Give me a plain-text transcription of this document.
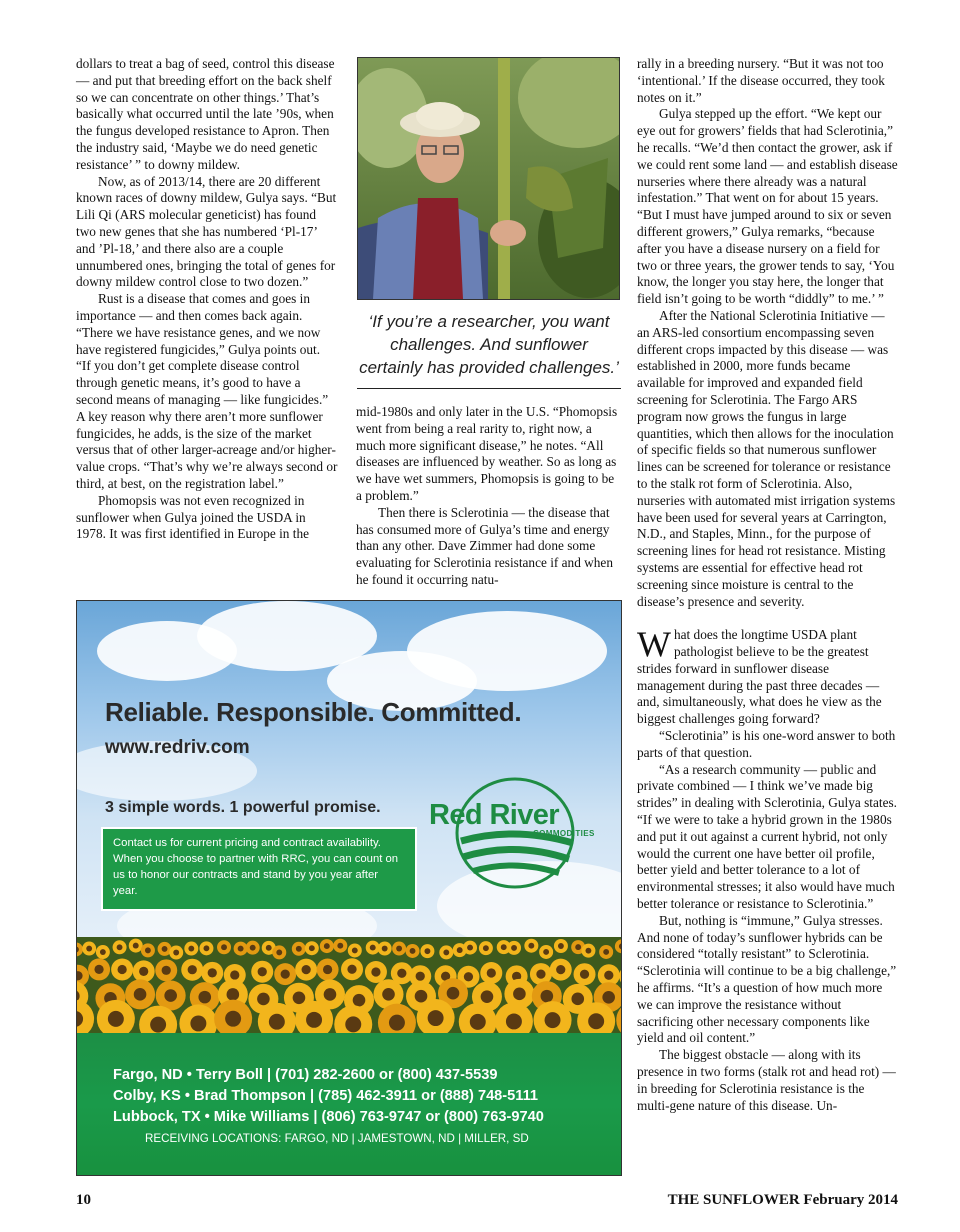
dollars to treat a bag of seed, control this disease — and put that breeding effort on the back shelf so we can concentrate on other things.’ That’s basically what occurred until the late ’90s, when the fungus developed resistance to Apron. Then the industry said, ‘Maybe we do need genetic resistance’ ” to downy mildew.

Now, as of 2013/14, there are 20 different known races of downy mildew, Gulya says. “But Lili Qi (ARS molecular geneticist) has found two new genes that she has numbered ‘Pl-17’ and ’Pl-18,’ and there also are a couple unnumbered ones, bringing the total of genes for downy mildew control close to two dozen.”

Rust is a disease that comes and goes in importance — and then comes back again. “There we have resistance genes, and we now have registered fungicides,” Gulya points out. “If you don’t get complete disease control through genetic means, it’s good to have a second means of managing — like fungicides.” A key reason why there aren’t more sunflower fungicides, he adds, is the size of the market versus that of other larger-acreage and/or higher-value crops. “That’s why we’re always second or third, at best, on the registration label.”

Phomopsis was not even recognized in sunflower when Gulya joined the USDA in 1978. It was first identified in Europe in the

‘If you’re a researcher, you want challenges. And sunflower certainly has provided challenges.’

mid-1980s and only later in the U.S. “Phomopsis went from being a real rarity to, right now, a much more significant disease,” he notes. “All diseases are influenced by weather. So as long as we have wet summers, Phomopsis is going to be a problem.”

Then there is Sclerotinia — the disease that has consumed more of Gulya’s time and energy than any other. Dave Zimmer had done some evaluating for Sclerotinia resistance if and when he found it occurring natu-

rally in a breeding nursery. “But it was not too ‘intentional.’ If the disease occurred, they took notes on it.”

Gulya stepped up the effort. “We kept our eye out for growers’ fields that had Sclerotinia,” he recalls. “We’d then contact the grower, ask if we could rent some land — and establish disease nurseries where there already was a natural infestation.” That went on for about 15 years. “But I must have jumped around to six or seven different growers,” Gulya remarks, “because after you have a disease nursery on a field for two or three years, the grower tends to say, ‘You know, the longer you stay here, the longer that field isn’t going to be worth “diddly” to me.’ ”

After the National Sclerotinia Initiative — an ARS-led consortium encompassing seven different crops impacted by this disease — was established in 2000, more funds became available for improved and expanded field screening for Sclerotinia. The Fargo ARS program now grows the fungus in large quantities, which then allows for the inoculation of specific fields so that numerous sunflower lines can be screened for tolerance or resistance to the stalk rot form of Sclerotinia. Also, nurseries with automated mist irrigation systems have been used for several years at Carrington, N.D., and Staples, Minn., for the purpose of screening lines for head rot resistance. Misting systems are essential for effective head rot screening since moisture is central to the disease’s presence and severity.

What does the longtime USDA plant pathologist believe to be the greatest strides forward in sunflower disease management during the past three decades — and, simultaneously, what does he view as the biggest challenges going forward?

“Sclerotinia” is his one-word answer to both parts of that question.

“As a research community — public and private combined — I think we’ve made big strides” in dealing with Sclerotinia, Gulya states. “If we were to take a hybrid grown in the 1980s and put it out against a current hybrid, not only would the current one have better oil profile, better yield and better tolerance to a lot of environmental stresses; it also would have much better tolerance or resistance to Sclerotinia.”

But, nothing is “immune,” Gulya stresses. And none of today’s sunflower hybrids can be considered “totally resistant” to Sclerotinia. “Sclerotinia will continue to be a big challenge,” he affirms. “It’s a question of how much more we can improve the resistance without sacrificing other necessary components like yield and oil content.”

The biggest obstacle — along with its presence in two forms (stalk rot and head rot) — in breeding for Sclerotinia resistance is the multi-gene nature of this disease. Un-

Reliable. Responsible. Committed.
www.redriv.com
3 simple words. 1 powerful promise.
Contact us for current pricing and contract availability. When you choose to partner with RRC, you can count on us to honor our contracts and stand by you year after year.
Red River
COMMODITIES
Fargo, ND • Terry Boll | (701) 282-2600 or (800) 437-5539
Colby, KS • Brad Thompson | (785) 462-3911 or (888) 748-5111
Lubbock, TX • Mike Williams | (806) 763-9747 or (800) 763-9740
RECEIVING LOCATIONS: FARGO, ND | JAMESTOWN, ND | MILLER, SD
10	THE SUNFLOWER February 2014
